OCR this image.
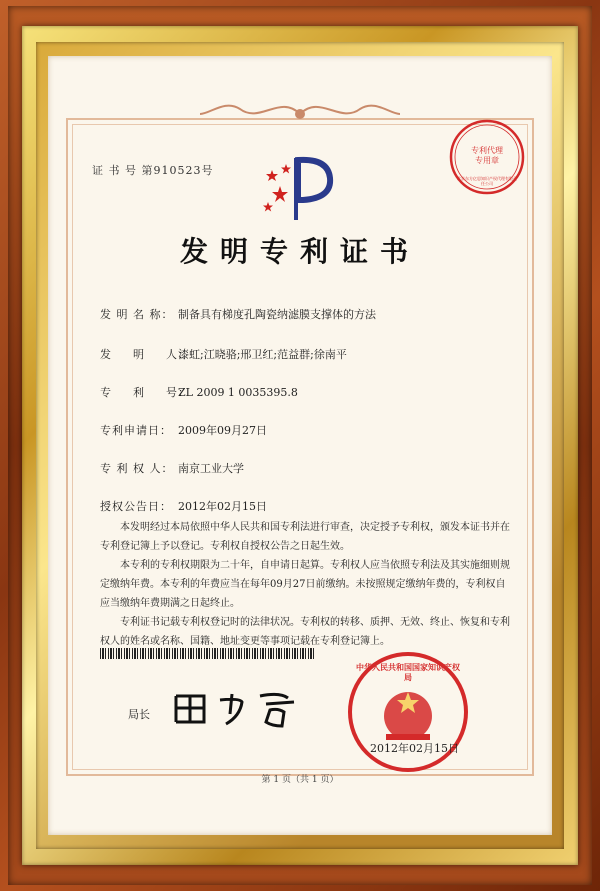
证 书 号 第910523号
专利代理专用章
北京东方亿思知识产权代理有限责任公司
发明专利证书
发 明 名 称： 制备具有梯度孔陶瓷纳滤膜支撑体的方法
发 　 明 　 人：漆虹;江晓骆;邢卫红;范益群;徐南平
专 　 利 　 号：ZL 2009 1 0035395.8
专利申请日： 2009年09月27日
专 利 权 人： 南京工业大学
授权公告日： 2012年02月15日

本发明经过本局依照中华人民共和国专利法进行审查，决定授予专利权，颁发本证书并在专利登记簿上予以登记。专利权自授权公告之日起生效。

本专利的专利权期限为二十年，自申请日起算。专利权人应当依照专利法及其实施细则规定缴纳年费。本专利的年费应当在每年09月27日前缴纳。未按照规定缴纳年费的，专利权自应当缴纳年费期满之日起终止。

专利证书记载专利权登记时的法律状况。专利权的转移、质押、无效、终止、恢复和专利权人的姓名或名称、国籍、地址变更等事项记载在专利登记簿上。

局长
中华人民共和国国家知识产权局
2012年02月15日
第 1 页（共 1 页）
